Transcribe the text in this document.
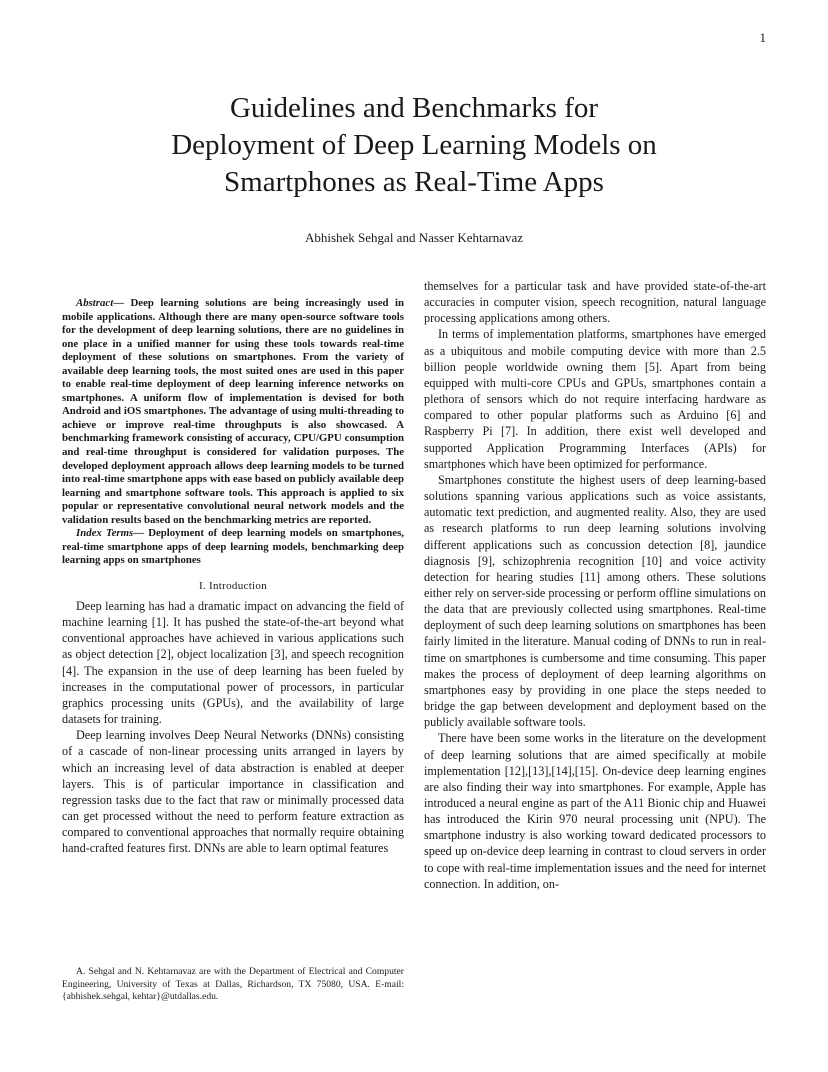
1
Guidelines and Benchmarks for
Deployment of Deep Learning Models on
Smartphones as Real-Time Apps
Abhishek Sehgal and Nasser Kehtarnavaz

Abstract— Deep learning solutions are being increasingly used in mobile applications. Although there are many open-source software tools for the development of deep learning solutions, there are no guidelines in one place in a unified manner for using these tools towards real-time deployment of these solutions on smartphones. From the variety of available deep learning tools, the most suited ones are used in this paper to enable real-time deployment of deep learning inference networks on smartphones. A uniform flow of implementation is devised for both Android and iOS smartphones. The advantage of using multi-threading to achieve or improve real-time throughputs is also showcased. A benchmarking framework consisting of accuracy, CPU/GPU consumption and real-time throughput is considered for validation purposes. The developed deployment approach allows deep learning models to be turned into real-time smartphone apps with ease based on publicly available deep learning and smartphone software tools. This approach is applied to six popular or representative convolutional neural network models and the validation results based on the benchmarking metrics are reported.

Index Terms— Deployment of deep learning models on smartphones, real-time smartphone apps of deep learning models, benchmarking deep learning apps on smartphones

I. Introduction

Deep learning has had a dramatic impact on advancing the field of machine learning [1]. It has pushed the state-of-the-art beyond what conventional approaches have achieved in various applications such as object detection [2], object localization [3], and speech recognition [4]. The expansion in the use of deep learning has been fueled by increases in the computational power of processors, in particular graphics processing units (GPUs), and the availability of large datasets for training.

Deep learning involves Deep Neural Networks (DNNs) consisting of a cascade of non-linear processing units arranged in layers by which an increasing level of data abstraction is enabled at deeper layers. This is of particular importance in classification and regression tasks due to the fact that raw or minimally processed data can get processed without the need to perform feature extraction as compared to conventional approaches that normally require obtaining hand-crafted features first. DNNs are able to learn optimal features

themselves for a particular task and have provided state-of-the-art accuracies in computer vision, speech recognition, natural language processing applications among others.

In terms of implementation platforms, smartphones have emerged as a ubiquitous and mobile computing device with more than 2.5 billion people worldwide owning them [5]. Apart from being equipped with multi-core CPUs and GPUs, smartphones contain a plethora of sensors which do not require interfacing hardware as compared to other popular platforms such as Arduino [6] and Raspberry Pi [7]. In addition, there exist well developed and supported Application Programming Interfaces (APIs) for smartphones which have been optimized for performance.

Smartphones constitute the highest users of deep learning-based solutions spanning various applications such as voice assistants, automatic text prediction, and augmented reality. Also, they are used as research platforms to run deep learning solutions involving different applications such as concussion detection [8], jaundice diagnosis [9], schizophrenia recognition [10] and voice activity detection for hearing studies [11] among others. These solutions either rely on server-side processing or perform offline simulations on the data that are previously collected using smartphones. Real-time deployment of such deep learning solutions on smartphones has been fairly limited in the literature. Manual coding of DNNs to run in real-time on smartphones is cumbersome and time consuming. This paper makes the process of deployment of deep learning algorithms on smartphones easy by providing in one place the steps needed to bridge the gap between development and deployment based on the publicly available software tools.

There have been some works in the literature on the development of deep learning solutions that are aimed specifically at mobile implementation [12],[13],[14],[15]. On-device deep learning engines are also finding their way into smartphones. For example, Apple has introduced a neural engine as part of the A11 Bionic chip and Huawei has introduced the Kirin 970 neural processing unit (NPU). The smartphone industry is also working toward dedicated processors to speed up on-device deep learning in contrast to cloud servers in order to cope with real-time implementation issues and the need for internet connection. In addition, on-

A. Sehgal and N. Kehtarnavaz are with the Department of Electrical and Computer Engineering, University of Texas at Dallas, Richardson, TX 75080, USA. E-mail: {abhishek.sehgal, kehtar}@utdallas.edu.
